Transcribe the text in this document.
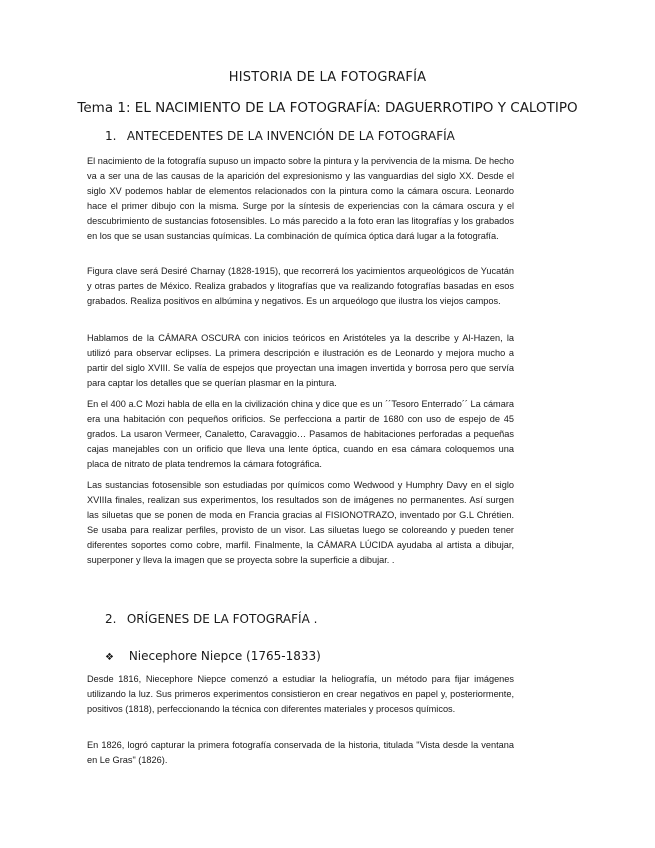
HISTORIA DE LA FOTOGRAFÍA
Tema 1: EL NACIMIENTO DE LA FOTOGRAFÍA: DAGUERROTIPO Y CALOTIPO
1. ANTECEDENTES DE LA INVENCIÓN DE LA FOTOGRAFÍA

El nacimiento de la fotografía supuso un impacto sobre la pintura y la pervivencia de la misma. De hecho va a ser una de las causas de la aparición del expresionismo y las vanguardias del siglo XX. Desde el siglo XV podemos hablar de elementos relacionados con la pintura como la cámara oscura. Leonardo hace el primer dibujo con la misma. Surge por la síntesis de experiencias con la cámara oscura y el descubrimiento de sustancias fotosensibles. Lo más parecido a la foto eran las litografías y los grabados en los que se usan sustancias químicas. La combinación de química óptica dará lugar a la fotografía.

Figura clave será Desiré Charnay (1828-1915), que recorrerá los yacimientos arqueológicos de Yucatán y otras partes de México. Realiza grabados y litografías que va realizando fotografías basadas en esos grabados. Realiza positivos en albúmina y negativos. Es un arqueólogo que ilustra los viejos campos.

Hablamos de la CÁMARA OSCURA con inicios teóricos en Aristóteles ya la describe y Al-Hazen, la utilizó para observar eclipses. La primera descripción e ilustración es de Leonardo y mejora mucho a partir del siglo XVIII. Se valía de espejos que proyectan una imagen invertida y borrosa pero que servía para captar los detalles que se querían plasmar en la pintura.

En el 400 a.C Mozi habla de ella en la civilización china y dice que es un ´´Tesoro Enterrado´´ La cámara era una habitación con pequeños orificios. Se perfecciona a partir de 1680 con uso de espejo de 45 grados. La usaron Vermeer, Canaletto, Caravaggio… Pasamos de habitaciones perforadas a pequeñas cajas manejables con un orificio que lleva una lente óptica, cuando en esa cámara coloquemos una placa de nitrato de plata tendremos la cámara fotográfica.

Las sustancias fotosensible son estudiadas por químicos como Wedwood y Humphry Davy en el siglo XVIIIa finales, realizan sus experimentos, los resultados son de imágenes no permanentes. Así surgen las siluetas que se ponen de moda en Francia gracias al FISIONOTRAZO, inventado por G.L Chrétien. Se usaba para realizar perfiles, provisto de un visor. Las siluetas luego se coloreando y pueden tener diferentes soportes como cobre, marfil. Finalmente, la CÁMARA LÚCIDA ayudaba al artista a dibujar, superponer y lleva la imagen que se proyecta sobre la superficie a dibujar. .

2. ORÍGENES DE LA FOTOGRAFÍA .
❖ Niecephore Niepce (1765-1833)

Desde 1816, Niecephore Niepce comenzó a estudiar la heliografía, un método para fijar imágenes utilizando la luz. Sus primeros experimentos consistieron en crear negativos en papel y, posteriormente, positivos (1818), perfeccionando la técnica con diferentes materiales y procesos químicos.

En 1826, logró capturar la primera fotografía conservada de la historia, titulada "Vista desde la ventana en Le Gras" (1826).
